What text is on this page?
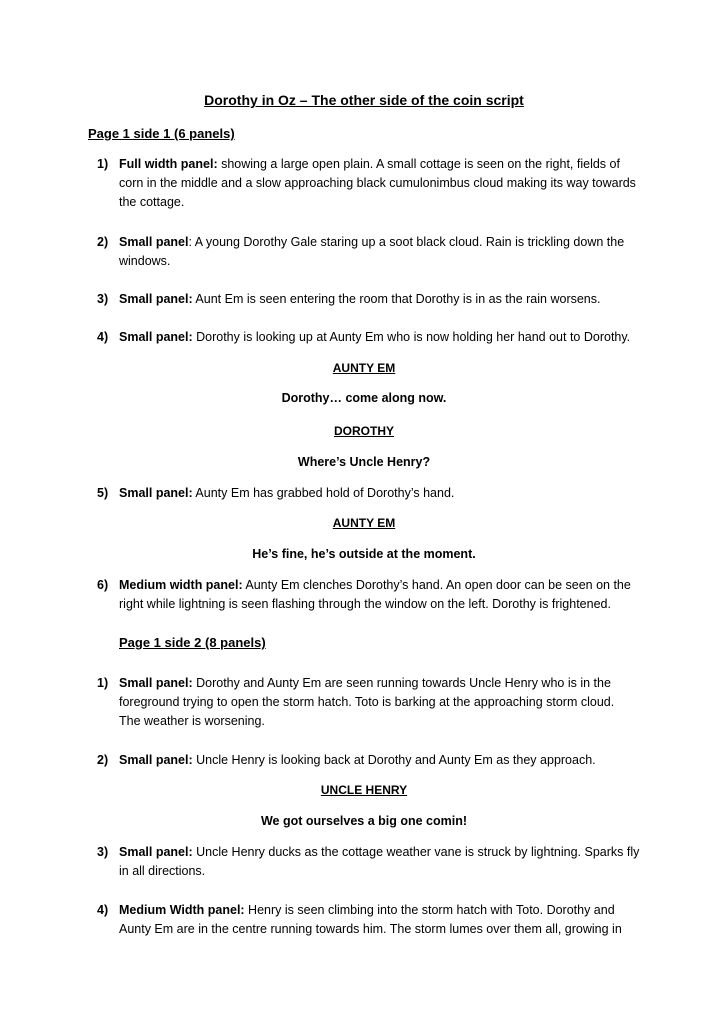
Dorothy in Oz – The other side of the coin script
Page 1 side 1 (6 panels)
1) Full width panel: showing a large open plain. A small cottage is seen on the right, fields of corn in the middle and a slow approaching black cumulonimbus cloud making its way towards the cottage.
2) Small panel: A young Dorothy Gale staring up a soot black cloud. Rain is trickling down the windows.
3) Small panel: Aunt Em is seen entering the room that Dorothy is in as the rain worsens.
4) Small panel: Dorothy is looking up at Aunty Em who is now holding her hand out to Dorothy.
AUNTY EM
Dorothy… come along now.
DOROTHY
Where’s Uncle Henry?
5) Small panel: Aunty Em has grabbed hold of Dorothy’s hand.
AUNTY EM
He’s fine, he’s outside at the moment.
6) Medium width panel: Aunty Em clenches Dorothy’s hand. An open door can be seen on the right while lightning is seen flashing through the window on the left. Dorothy is frightened.
Page 1 side 2 (8 panels)
1) Small panel: Dorothy and Aunty Em are seen running towards Uncle Henry who is in the foreground trying to open the storm hatch. Toto is barking at the approaching storm cloud. The weather is worsening.
2) Small panel: Uncle Henry is looking back at Dorothy and Aunty Em as they approach.
UNCLE HENRY
We got ourselves a big one comin!
3) Small panel: Uncle Henry ducks as the cottage weather vane is struck by lightning. Sparks fly in all directions.
4) Medium Width panel: Henry is seen climbing into the storm hatch with Toto. Dorothy and Aunty Em are in the centre running towards him. The storm lumes over them all, growing in
